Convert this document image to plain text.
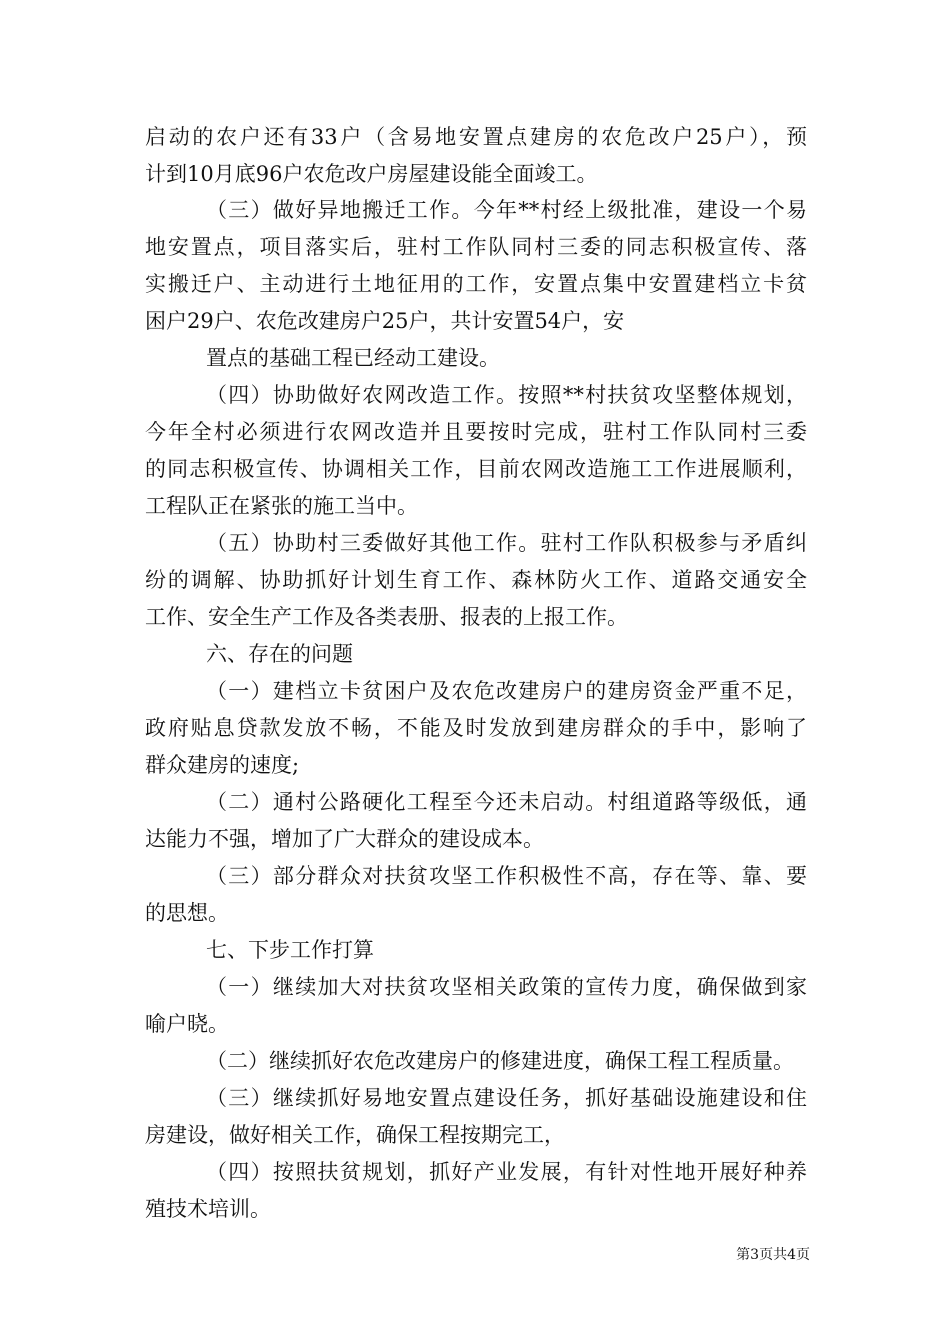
启动的农户还有33户（含易地安置点建房的农危改户25户），预
计到10月底96户农危改户房屋建设能全面竣工。
（三）做好异地搬迁工作。今年**村经上级批准，建设一个易
地安置点，项目落实后，驻村工作队同村三委的同志积极宣传、落
实搬迁户、主动进行土地征用的工作，安置点集中安置建档立卡贫
困户29户、农危改建房户25户，共计安置54户，安
置点的基础工程已经动工建设。
（四）协助做好农网改造工作。按照**村扶贫攻坚整体规划，
今年全村必须进行农网改造并且要按时完成，驻村工作队同村三委
的同志积极宣传、协调相关工作，目前农网改造施工工作进展顺利，
工程队正在紧张的施工当中。
（五）协助村三委做好其他工作。驻村工作队积极参与矛盾纠
纷的调解、协助抓好计划生育工作、森林防火工作、道路交通安全
工作、安全生产工作及各类表册、报表的上报工作。
六、存在的问题
（一）建档立卡贫困户及农危改建房户的建房资金严重不足，
政府贴息贷款发放不畅，不能及时发放到建房群众的手中，影响了
群众建房的速度;
（二）通村公路硬化工程至今还未启动。村组道路等级低，通
达能力不强，增加了广大群众的建设成本。
（三）部分群众对扶贫攻坚工作积极性不高，存在等、靠、要
的思想。
七、下步工作打算
（一）继续加大对扶贫攻坚相关政策的宣传力度，确保做到家
喻户晓。
（二）继续抓好农危改建房户的修建进度，确保工程工程质量。
（三）继续抓好易地安置点建设任务，抓好基础设施建设和住
房建设，做好相关工作，确保工程按期完工，
（四）按照扶贫规划，抓好产业发展，有针对性地开展好种养
殖技术培训。
第3页共4页
